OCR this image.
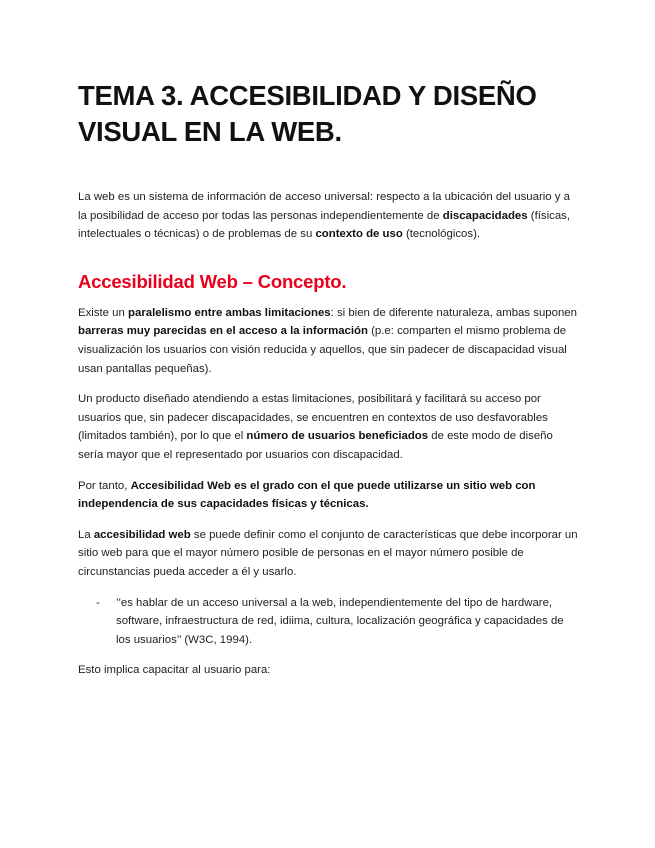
TEMA 3. ACCESIBILIDAD Y DISEÑO
VISUAL EN LA WEB.

La web es un sistema de información de acceso universal: respecto a la ubicación del usuario y a la posibilidad de acceso por todas las personas independientemente de discapacidades (físicas, intelectuales o técnicas) o de problemas de su contexto de uso (tecnológicos).

Accesibilidad Web – Concepto.

Existe un paralelismo entre ambas limitaciones: si bien de diferente naturaleza, ambas suponen barreras muy parecidas en el acceso a la información (p.e: comparten el mismo problema de visualización los usuarios con visión reducida y aquellos, que sin padecer de discapacidad visual usan pantallas pequeñas).

Un producto diseñado atendiendo a estas limitaciones, posibilitará y facilitará su acceso por usuarios que, sin padecer discapacidades, se encuentren en contextos de uso desfavorables (limitados también), por lo que el número de usuarios beneficiados de este modo de diseño sería mayor que el representado por usuarios con discapacidad.

Por tanto, Accesibilidad Web es el grado con el que puede utilizarse un sitio web con independencia de sus capacidades físicas y técnicas.

La accesibilidad web se puede definir como el conjunto de características que debe incorporar un sitio web para que el mayor número posible de personas en el mayor número posible de circunstancias pueda acceder a él y usarlo.

-	’’es hablar de un acceso universal a la web, independientemente del tipo de hardware, software, infraestructura de red, idiima, cultura, localización geográfica y capacidades de los usuarios’’ (W3C, 1994).

Esto implica capacitar al usuario para:
